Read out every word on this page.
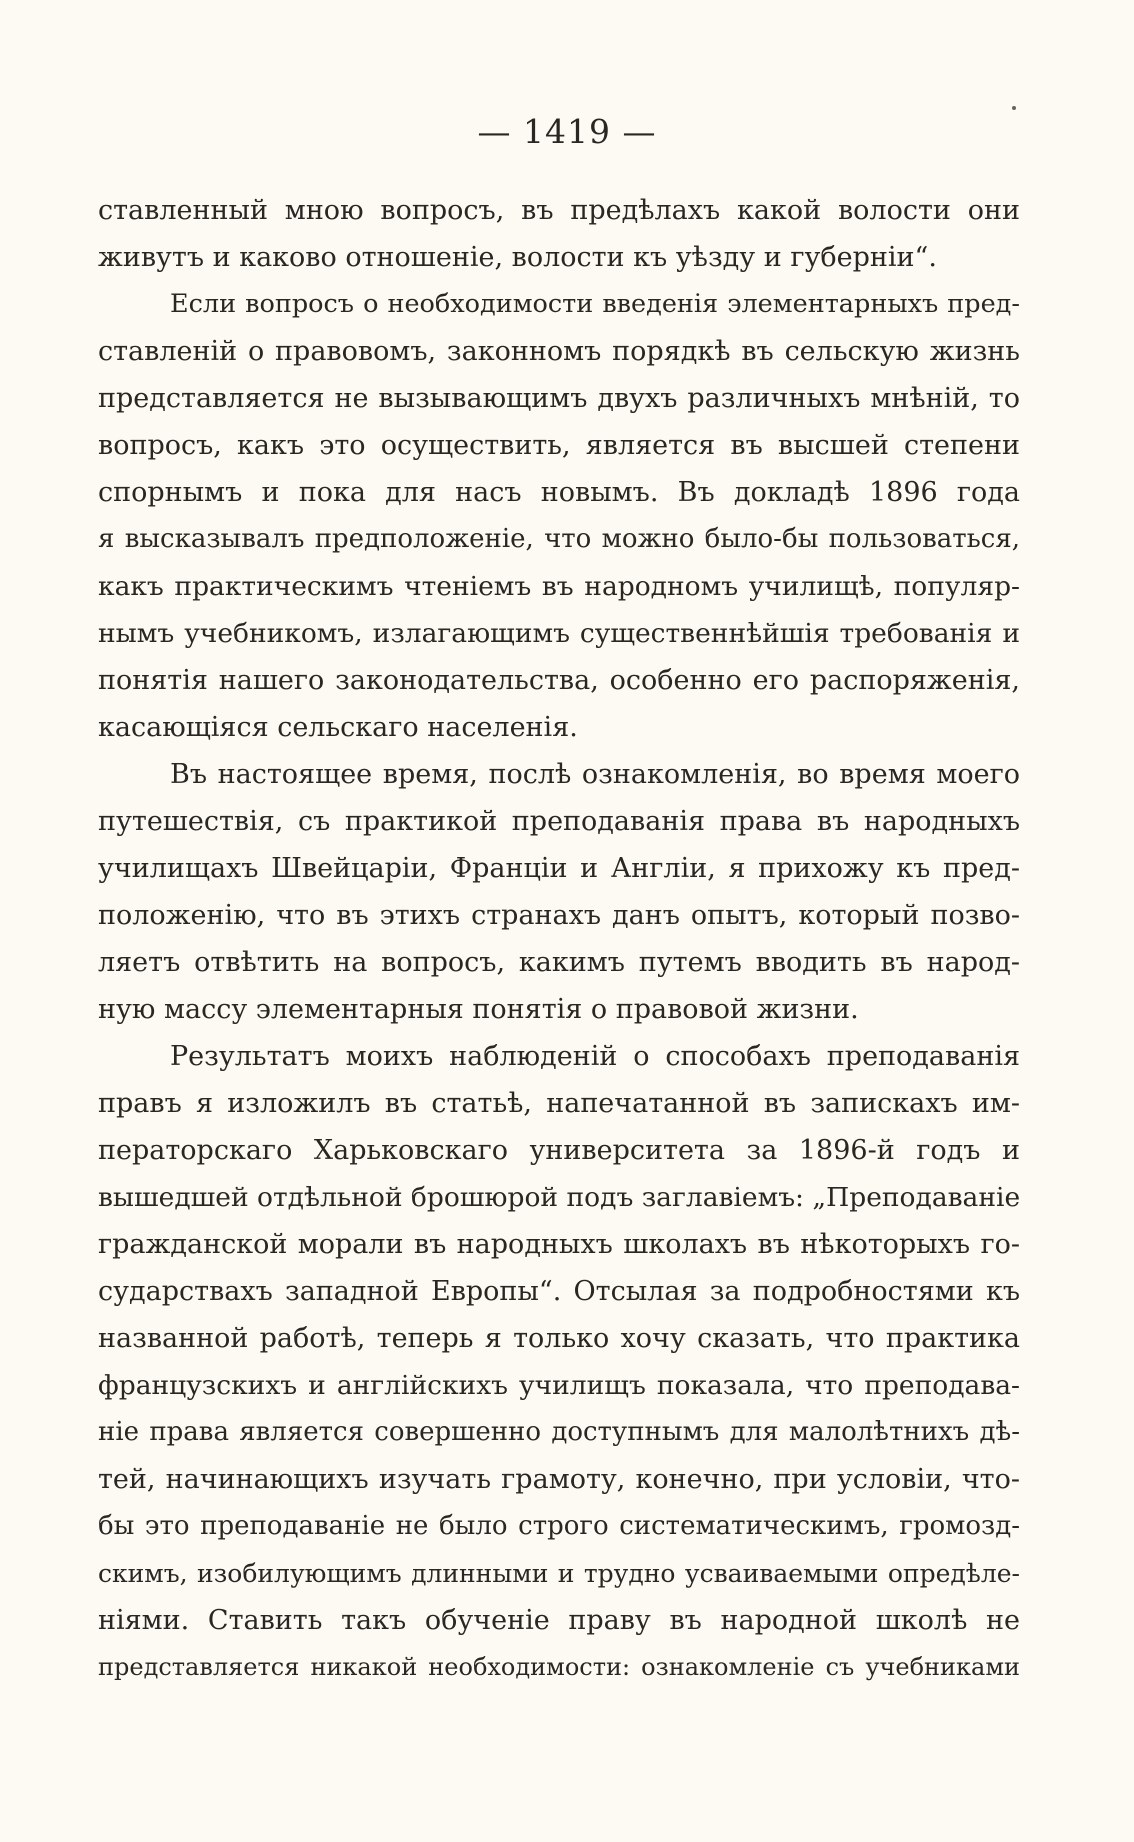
— 1419 —
ставленный мною вопросъ, въ предѣлахъ какой волости они
живутъ и каково отношеніе, волости къ уѣзду и губерніи“.
Если вопросъ о необходимости введенія элементарныхъ пред-
ставленій о правовомъ, законномъ порядкѣ въ сельскую жизнь
представляется не вызывающимъ двухъ различныхъ мнѣній, то
вопросъ, какъ это осуществить, является въ высшей степени
спорнымъ и пока для насъ новымъ. Въ докладѣ 1896 года
я высказывалъ предположеніе, что можно было-бы пользоваться,
какъ практическимъ чтеніемъ въ народномъ училищѣ, популяр-
нымъ учебникомъ, излагающимъ существеннѣйшія требованія и
понятія нашего законодательства, особенно его распоряженія,
касающіяся сельскаго населенія.
Въ настоящее время, послѣ ознакомленія, во время моего
путешествія, съ практикой преподаванія права въ народныхъ
училищахъ Швейцаріи, Франціи и Англіи, я прихожу къ пред-
положенію, что въ этихъ странахъ данъ опытъ, который позво-
ляетъ отвѣтить на вопросъ, какимъ путемъ вводить въ народ-
ную массу элементарныя понятія о правовой жизни.
Результатъ моихъ наблюденій о способахъ преподаванія
правъ я изложилъ въ статьѣ, напечатанной въ запискахъ им-
ператорскаго Харьковскаго университета за 1896-й годъ и
вышедшей отдѣльной брошюрой подъ заглавіемъ: „Преподаваніе
гражданской морали въ народныхъ школахъ въ нѣкоторыхъ го-
сударствахъ западной Европы“. Отсылая за подробностями къ
названной работѣ, теперь я только хочу сказать, что практика
французскихъ и англійскихъ училищъ показала, что преподава-
ніе права является совершенно доступнымъ для малолѣтнихъ дѣ-
тей, начинающихъ изучать грамоту, конечно, при условіи, что-
бы это преподаваніе не было строго систематическимъ, громозд-
скимъ, изобилующимъ длинными и трудно усваиваемыми опредѣле-
ніями. Ставить такъ обученіе праву въ народной школѣ не
представляется никакой необходимости: ознакомленіе съ учебниками
